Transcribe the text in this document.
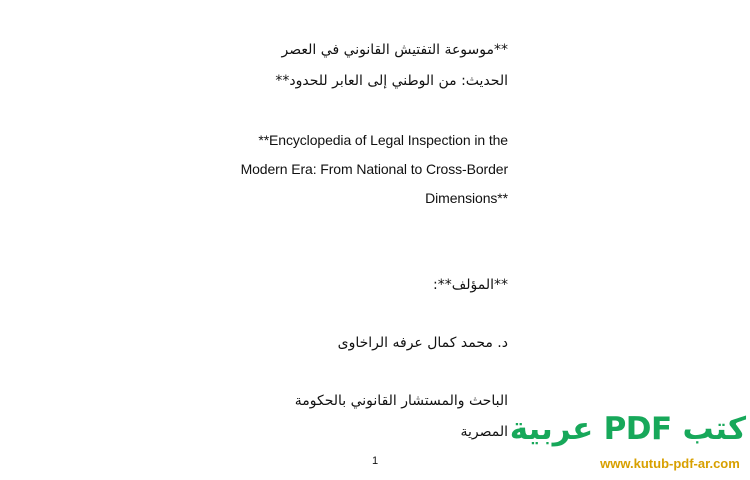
**موسوعة التفتيش القانوني في العصر
الحديث: من الوطني إلى العابر للحدود**
**Encyclopedia of Legal Inspection in the
Modern Era: From National to Cross-Border
Dimensions**
**المؤلف**:
د. محمد كمال عرفه الراخاوى
الباحث والمستشار القانوني بالحكومة
المصرية
1
كتب PDF عربية
www.kutub-pdf-ar.com
